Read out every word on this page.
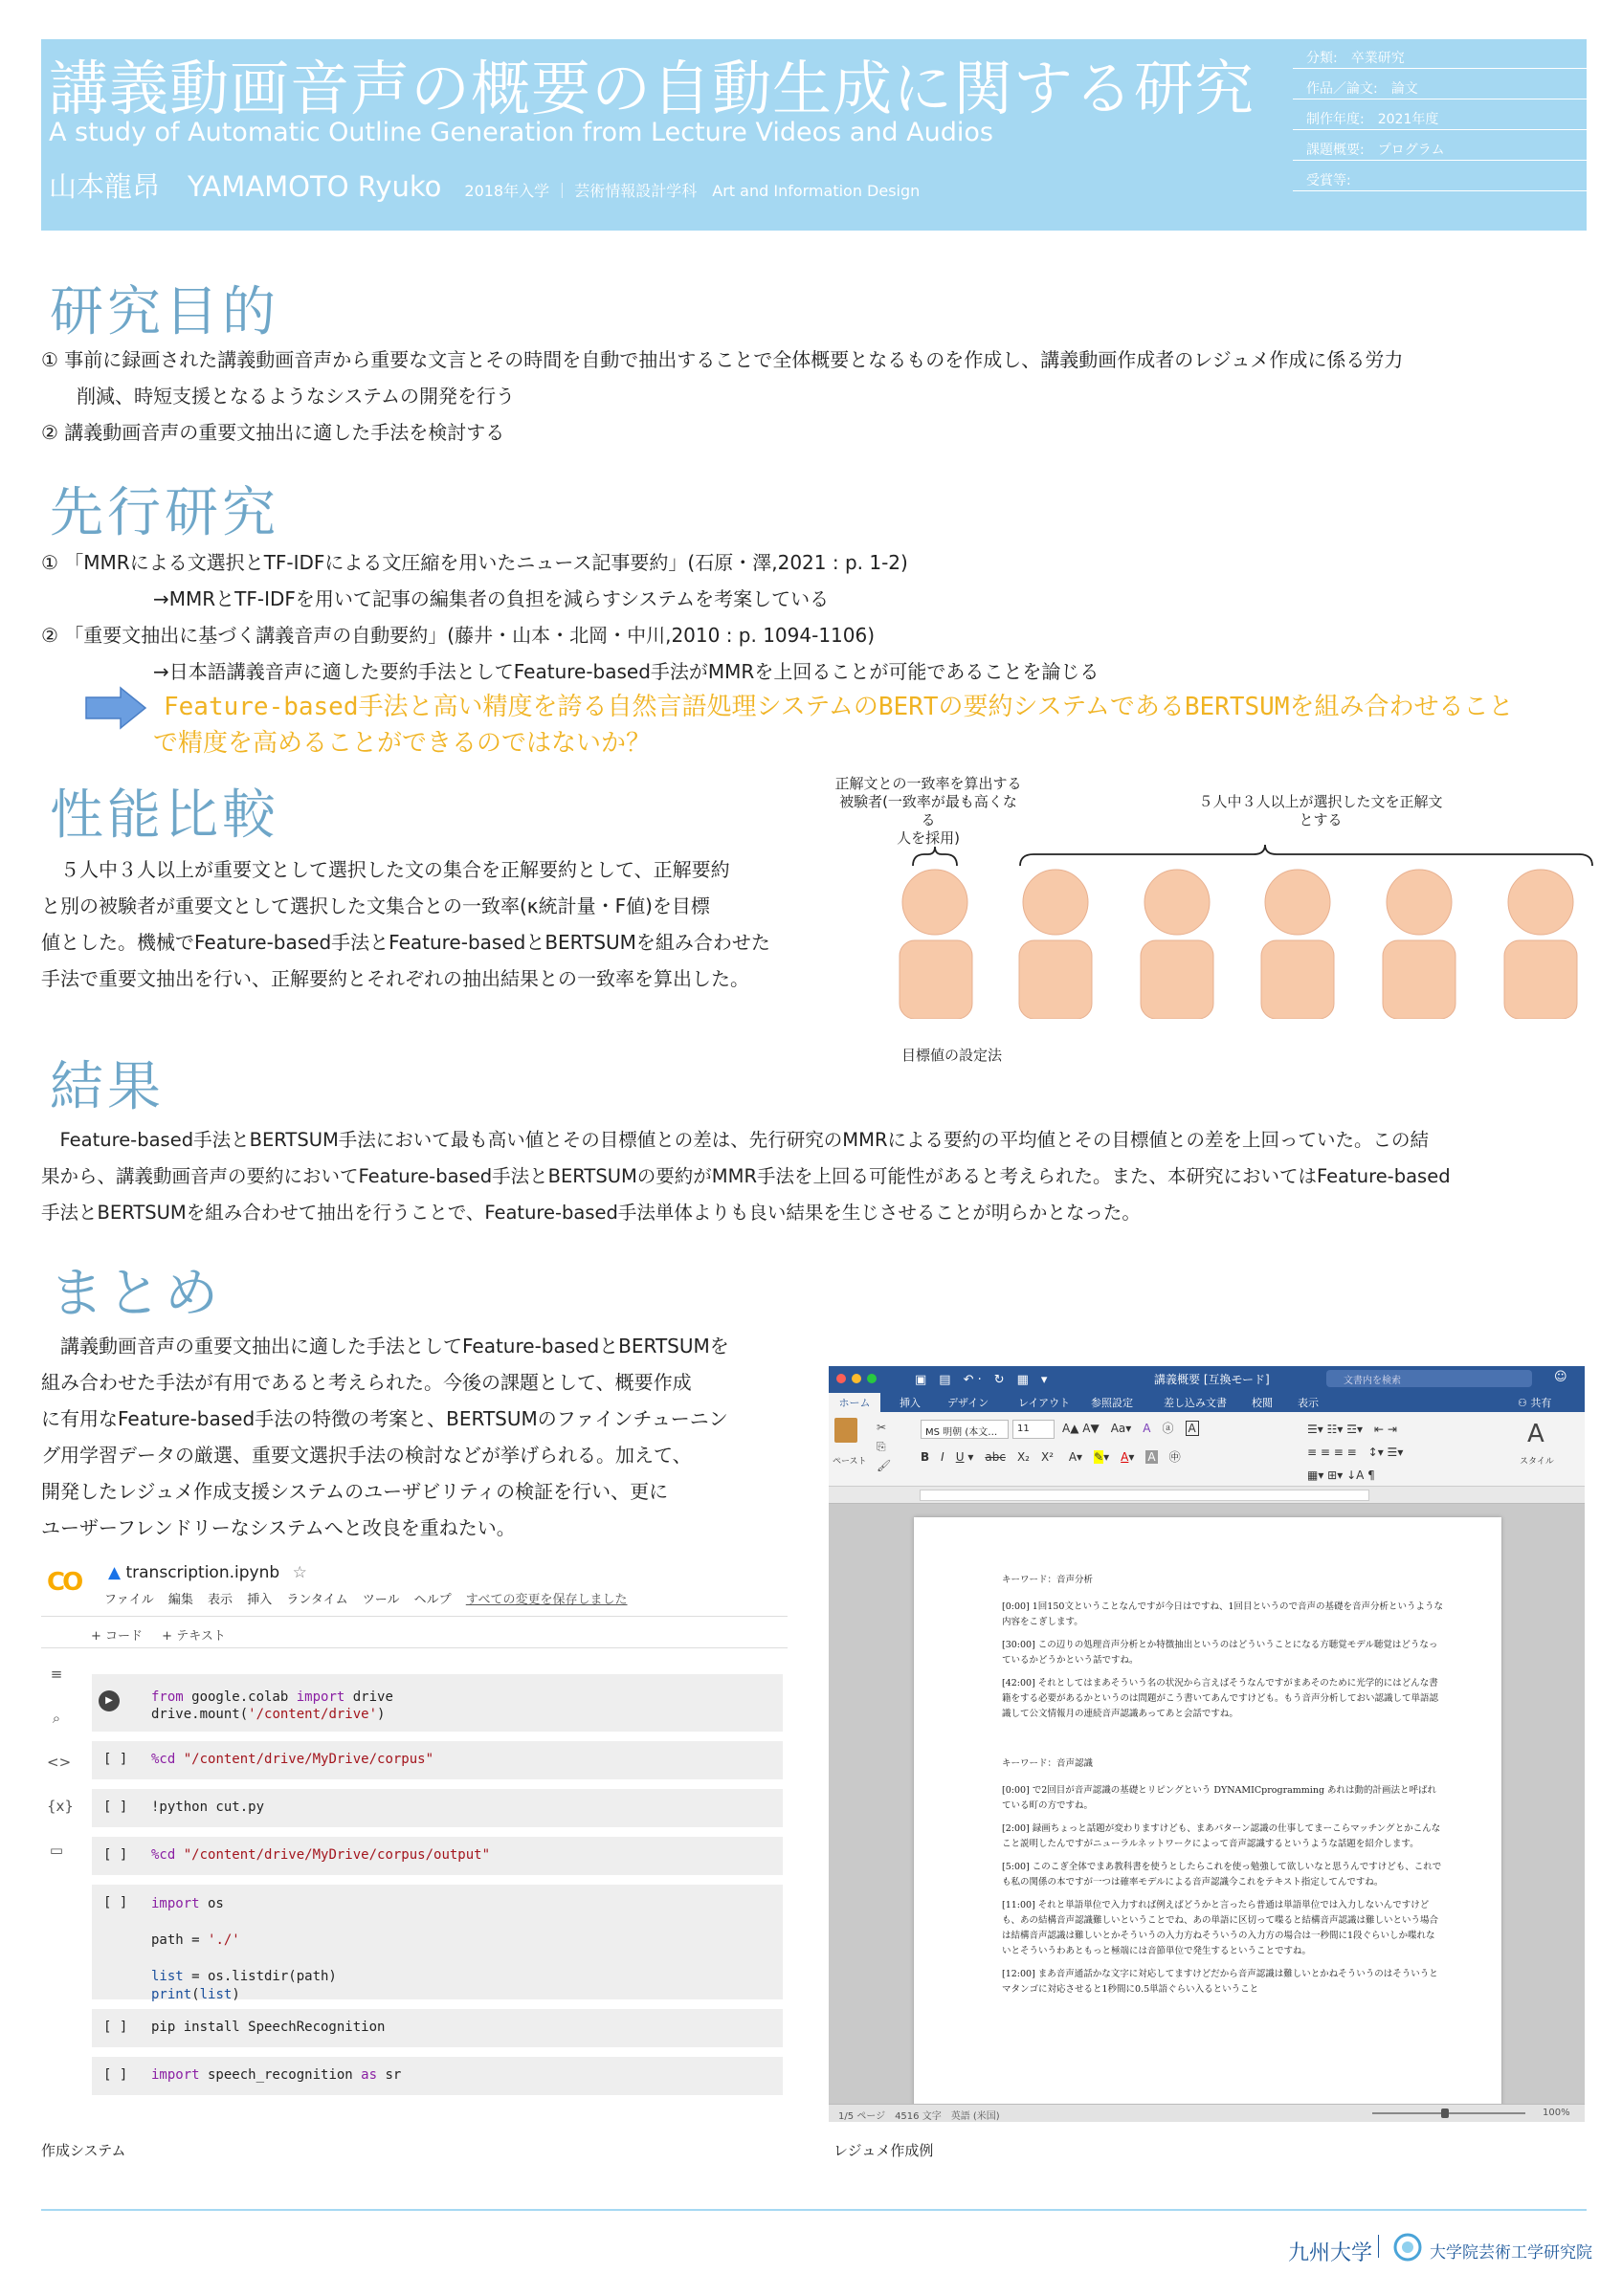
講義動画音声の概要の自動生成に関する研究
A study of Automatic Outline Generation from Lecture Videos and Audios
山本龍昂　YAMAMOTO Ryuko 2018年入学 ｜ 芸術情報設計学科　Art and Information Design
分類:　卒業研究
作品／論文:　論文
制作年度:　2021年度
課題概要:　プログラム
受賞等:
研究目的
① 事前に録画された講義動画音声から重要な文言とその時間を自動で抽出することで全体概要となるものを作成し、講義動画作成者のレジュメ作成に係る労力
削減、時短支援となるようなシステムの開発を行う
② 講義動画音声の重要文抽出に適した手法を検討する
先行研究
① 「MMRによる文選択とTF-IDFによる文圧縮を用いたニュース記事要約」(石原・澤,2021 : p. 1-2)
→MMRとTF-IDFを用いて記事の編集者の負担を減らすシステムを考案している
② 「重要文抽出に基づく講義音声の自動要約」(藤井・山本・北岡・中川,2010 : p. 1094-1106)
→日本語講義音声に適した要約手法としてFeature-based手法がMMRを上回ることが可能であることを論じる
Feature-based手法と高い精度を誇る自然言語処理システムのBERTの要約システムであるBERTSUMを組み合わせること
で精度を高めることができるのではないか？
性能比較
　５人中３人以上が重要文として選択した文の集合を正解要約として、正解要約
と別の被験者が重要文として選択した文集合との一致率(κ統計量・F値)を目標
値とした。機械でFeature-based手法とFeature-basedとBERTSUMを組み合わせた
手法で重要文抽出を行い、正解要約とそれぞれの抽出結果との一致率を算出した。
正解文との一致率を算出する
被験者(一致率が最も高くなる
人を採用)
５人中３人以上が選択した文を正解文
とする
目標値の設定法
結果
　Feature-based手法とBERTSUM手法において最も高い値とその目標値との差は、先行研究のMMRによる要約の平均値とその目標値との差を上回っていた。この結
果から、講義動画音声の要約においてFeature-based手法とBERTSUMの要約がMMR手法を上回る可能性があると考えられた。また、本研究においてはFeature-based
手法とBERTSUMを組み合わせて抽出を行うことで、Feature-based手法単体よりも良い結果を生じさせることが明らかとなった。
まとめ
　講義動画音声の重要文抽出に適した手法としてFeature-basedとBERTSUMを
組み合わせた手法が有用であると考えられた。今後の課題として、概要作成
に有用なFeature-based手法の特徴の考案と、BERTSUMのファインチューニン
グ用学習データの厳選、重要文選択手法の検討などが挙げられる。加えて、
開発したレジュメ作成支援システムのユーザビリティの検証を行い、更に
ユーザーフレンドリーなシステムへと改良を重ねたい。
CO ▲ transcription.ipynb ☆
ファイル 編集 表示 挿入 ランタイム ツール ヘルプ すべての変更を保存しました
+ コード + テキスト
≡
⌕
<>
{x}
▭
▶	from google.colab import drive
drive.mount('/content/drive')
[ ] %cd "/content/drive/MyDrive/corpus"
[ ] !python cut.py
[ ] %cd "/content/drive/MyDrive/corpus/output"
[ ] import os

path = './'

list = os.listdir(path)
print(list)
[ ] pip install SpeechRecognition
[ ] import speech_recognition as sr
作成システム
▣　▤　↶ ·　↻　▦　▾	講義概要 [互換モード]	文書内を検索	☺
ホーム	挿入	デザイン	レイアウト 参照設定	差し込み文書 校閲 表示	⚇ 共有
ペースト
✂
⎘
🖌
MS 明朝 (本文…	11	A▲ A▼　Aa▾　A　ⓐ　A
B　 I　 U ▾　abc　X₂　X²　 A▾　✎▾　A▾　A　㊥
☰▾ ☷▾ ☲▾　⇤ ⇥
≡ ≡ ≡ ≡　↕▾ ☰▾
▦▾ ⊞▾ ↓A ¶
A
スタイル

キーワード：音声分析

[0:00] 1回150文ということなんですが今日はですね、1回目というので音声の基礎を音声分析というような内容をこぎします。

[30:00] この辺りの処理音声分析とか特徴抽出というのはどういうことになる方聴覚モデル聴覚はどうなっているかどうかという話ですね。

[42:00] それとしてはまあそういう名の状況から言えばそうなんですがまあそのために光学的にはどんな書籍をする必要があるかというのは問題がこう書いてあんですけども。もう音声分析しておい認識して単語認識して公文情報月の連続音声認識あってあと会話ですね。

キーワード：音声認識

[0:00] で2回目が音声認識の基礎とリピングという DYNAMICprogramming あれは動的計画法と呼ばれている町の方ですね。

[2:00] 録画ちょっと話題が変わりますけども、まあパターン認識の仕事してまーこらマッチングとかこんなこと説明したんですがニューラルネットワークによって音声認識するというような話題を紹介します。

[5:00] このこぎ全体でまあ教科書を使うとしたらこれを使っ勉強して欲しいなと思うんですけども、これでも私の関係の本ですが一つは確率モデルによる音声認識今これをテキスト指定してんですね。

[11:00] それと単語単位で入力すれば例えばどうかと言ったら普通は単語単位では入力しないんですけども、あの結構音声認識難しいということでね、あの単語に区切って喋ると結構音声認識は難しいという場合は結構音声認識は難しいとかそういうの入力方ねそういうの入力方の場合は一秒間に1段ぐらいしか喋れないとそういうわあともっと極端には音節単位で発生するということですね。

[12:00] まあ音声通話かな文字に対応してますけどだから音声認識は難しいとかねそういうのはそういうとマタンゴに対応させると1秒間に0.5単語ぐらい入るということ

1/5 ページ　4516 文字　英語 (米国)	100%
レジュメ作成例
九州大学	大学院芸術工学研究院
